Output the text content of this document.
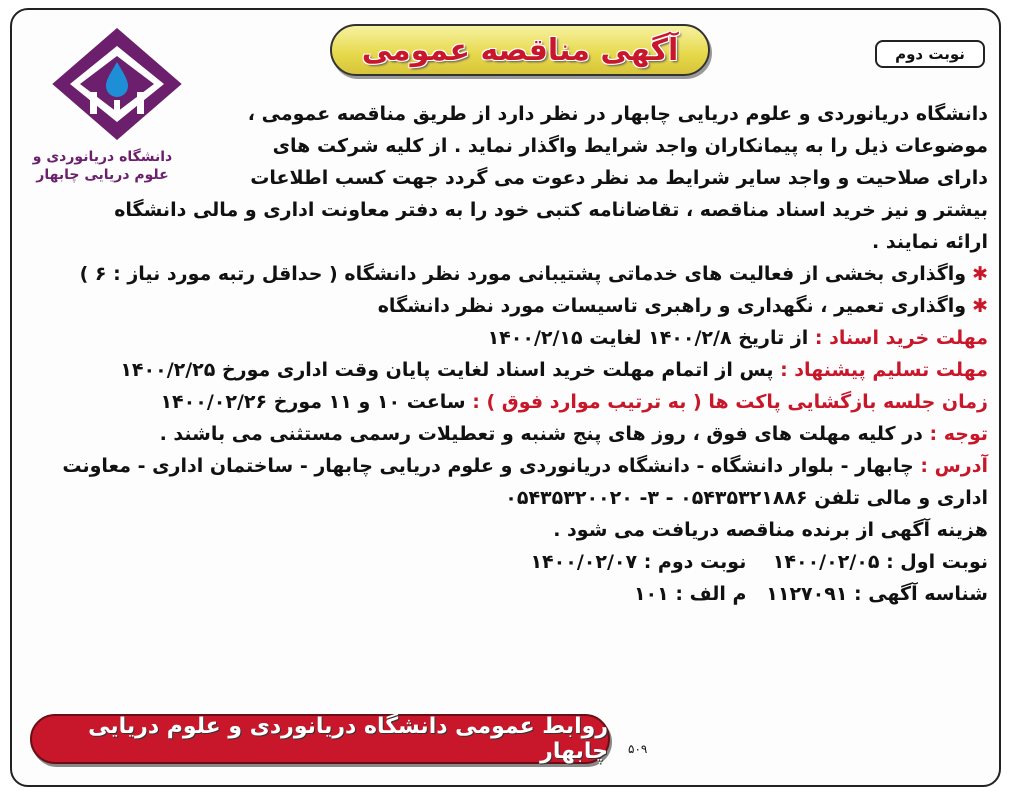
آگهی مناقصه عمومی	نوبت دوم
دانشگاه دریانوردی و
علوم دریایی چابهار
دانشگاه دریانوردی و علوم دریایی چابهار در نظر دارد از طریق مناقصه عمومی ،
موضوعات ذیل را به پیمانکاران واجد شرایط واگذار نماید . از کلیه شرکت های
دارای صلاحیت و واجد سایر شرایط مد نظر دعوت می گردد جهت کسب اطلاعات
بیشتر و نیز خرید اسناد مناقصه ، تقاضانامه کتبی خود را به دفتر معاونت اداری و مالی دانشگاه
ارائه نمایند .
✱واگذاری بخشی از فعالیت های خدماتی پشتیبانی مورد نظر دانشگاه ( حداقل رتبه مورد نیاز : ۶ )
✱واگذاری تعمیر ، نگهداری و راهبری تاسیسات مورد نظر دانشگاه
مهلت خرید اسناد : از تاریخ ۱۴۰۰/۲/۸ لغایت ۱۴۰۰/۲/۱۵
مهلت تسلیم پیشنهاد : پس از اتمام مهلت خرید اسناد لغایت پایان وقت اداری مورخ ۱۴۰۰/۲/۲۵
زمان جلسه بازگشایی پاکت ها ( به ترتیب موارد فوق ) : ساعت ۱۰ و ۱۱ مورخ ۱۴۰۰/۰۲/۲۶
توجه : در کلیه مهلت های فوق ، روز های پنج شنبه و تعطیلات رسمی مستثنی می باشند .
آدرس : چابهار - بلوار دانشگاه - دانشگاه دریانوردی و علوم دریایی چابهار - ساختمان اداری - معاونت
اداری و مالی تلفن ۰۵۴۳۵۳۲۱۸۸۶ - ۳- ۰۵۴۳۵۳۲۰۰۲۰
هزینه آگهی از برنده مناقصه دریافت می شود .
نوبت اول : ۱۴۰۰/۰۲/۰۵    نوبت دوم : ۱۴۰۰/۰۲/۰۷
شناسه آگهی : ۱۱۲۷۰۹۱   م الف : ۱۰۱
روابط عمومی دانشگاه دریانوردی و علوم دریایی چابهار ۵۰۹
